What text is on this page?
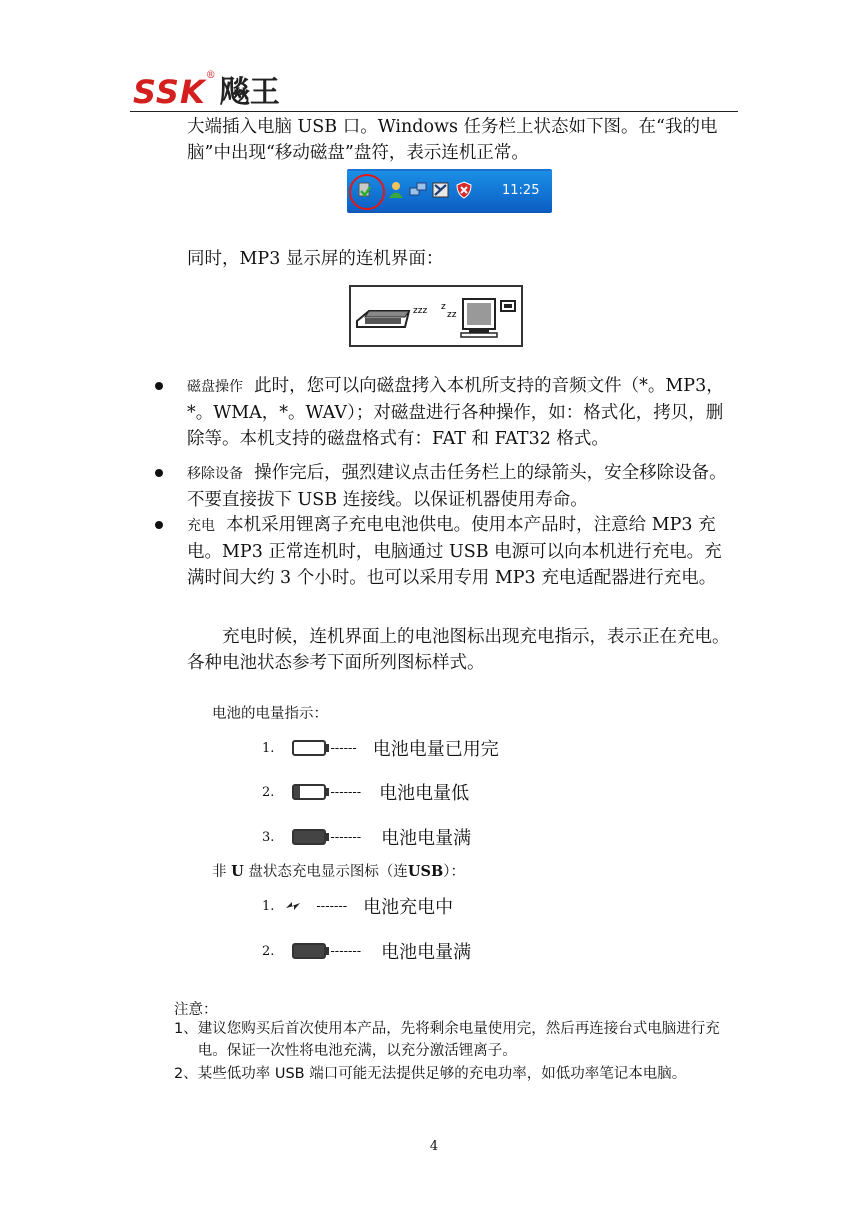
SSK ® 飚王
大端插入电脑 USB 口。Windows 任务栏上状态如下图。在“我的电脑”中出现“移动磁盘”盘符，表示连机正常。
11:25
同时，MP3 显示屏的连机界面：
zzz z
zz
磁盘操作 此时，您可以向磁盘拷入本机所支持的音频文件（*。MP3，*。WMA，*。WAV）；对磁盘进行各种操作，如：格式化，拷贝，删除等。本机支持的磁盘格式有：FAT 和 FAT32 格式。
移除设备 操作完后，强烈建议点击任务栏上的绿箭头，安全移除设备。不要直接拔下 USB 连接线。以保证机器使用寿命。
充电 本机采用锂离子充电电池供电。使用本产品时，注意给 MP3 充电。MP3 正常连机时，电脑通过 USB 电源可以向本机进行充电。充满时间大约 3 个小时。也可以采用专用 MP3 充电适配器进行充电。
充电时候，连机界面上的电池图标出现充电指示，表示正在充电。各种电池状态参考下面所列图标样式。
电池的电量指示：
1.	------ 电池电量已用完
2.	------- 电池电量低
3.	------- 电池电量满
非 U 盘状态充电显示图标（连USB）：
1.	------- 电池充电中
2.	------- 电池电量满
注意：
1、 建议您购买后首次使用本产品，先将剩余电量使用完，然后再连接台式电脑进行充电。保证一次性将电池充满，以充分激活锂离子。
2、 某些低功率 USB 端口可能无法提供足够的充电功率，如低功率笔记本电脑。
4
